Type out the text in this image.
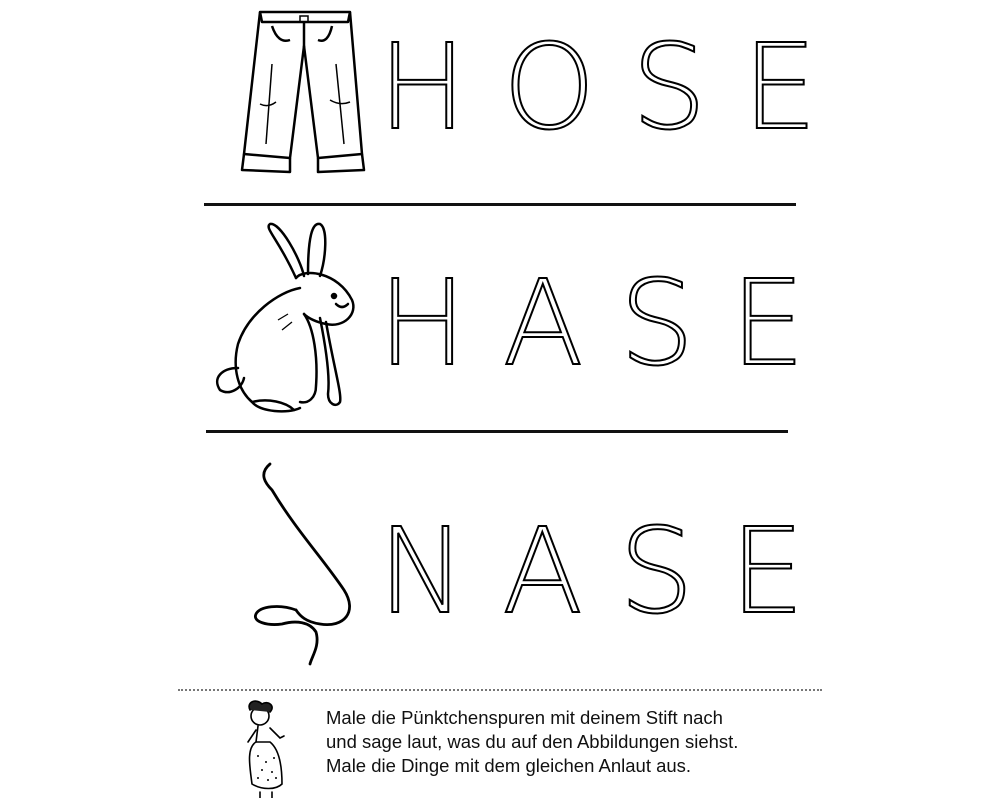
HOSE
HASE
NASE

Male die Pünktchenspuren mit deinem Stift nach

und sage laut, was du auf den Abbildungen siehst.

Male die Dinge mit dem gleichen Anlaut aus.
